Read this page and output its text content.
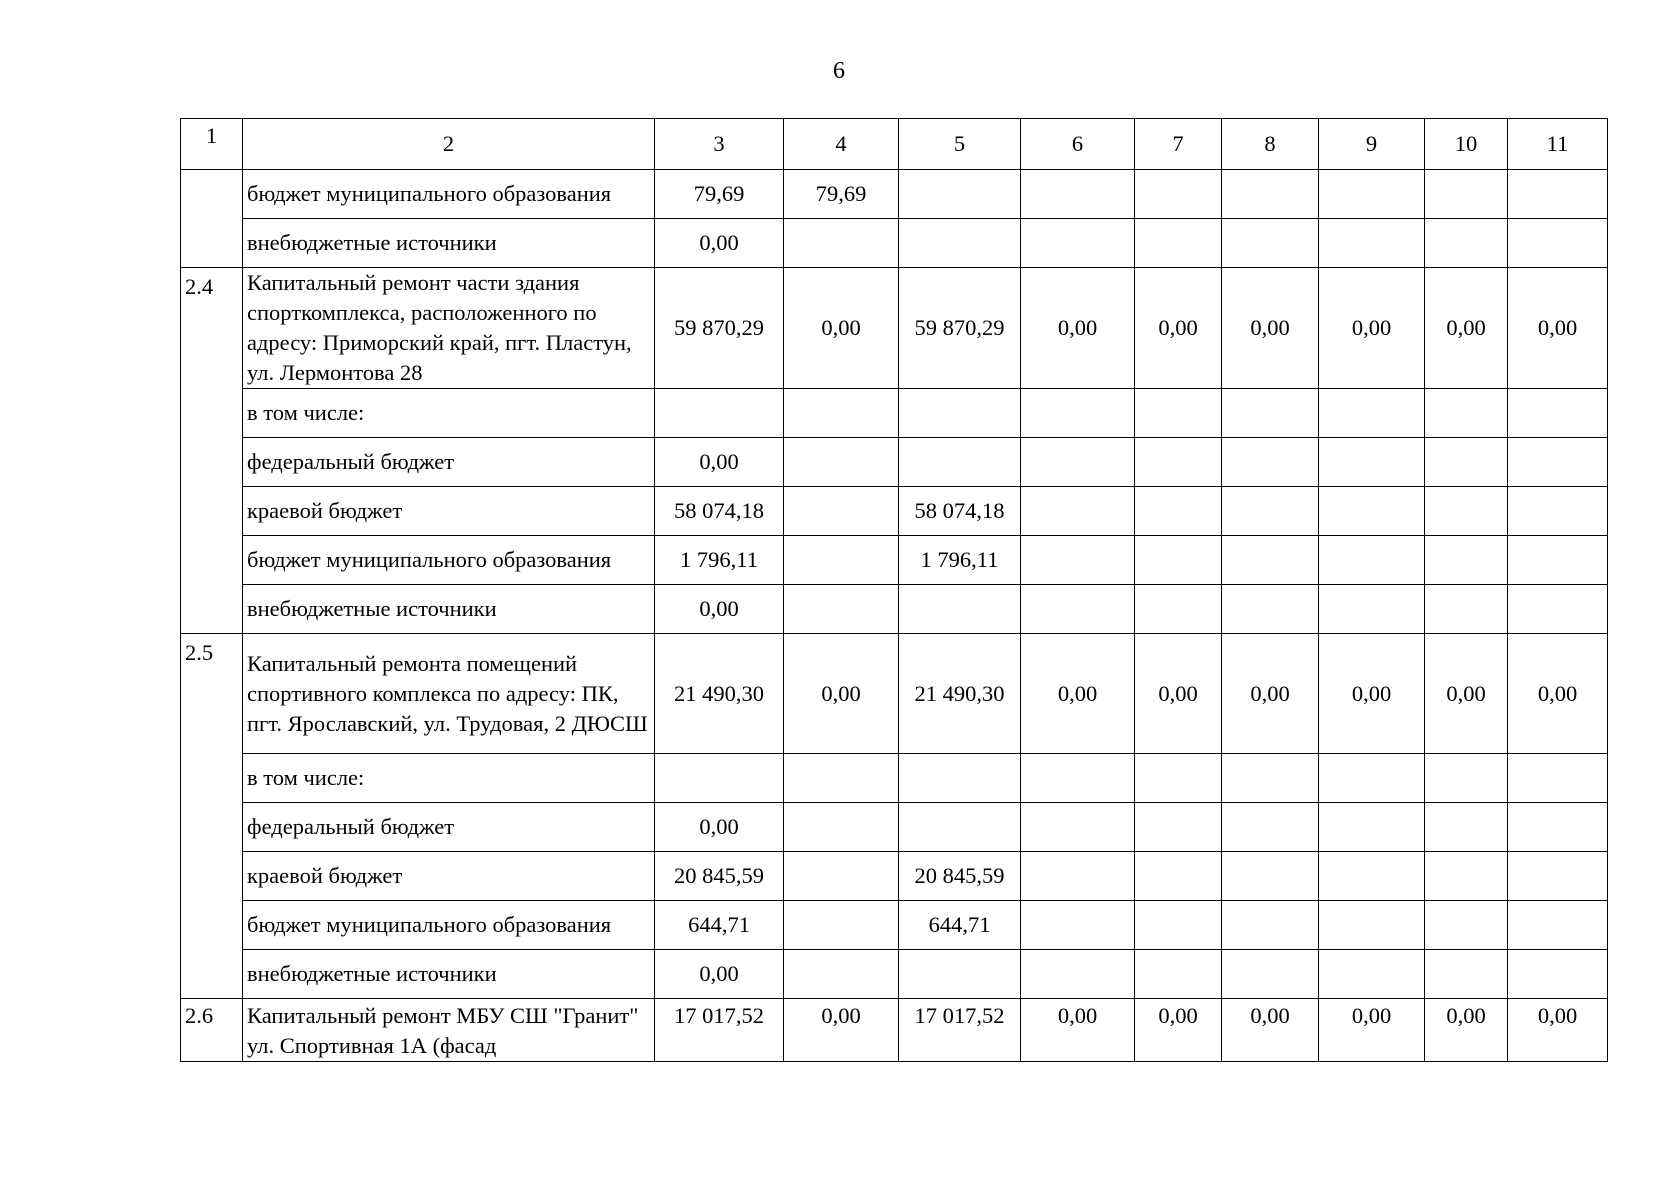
6
1	2	3	4	5	6	7	8	9	10	11
	бюджет муниципального образования	79,69	79,69							
	внебюджетные источники	0,00								
2.4	Капитальный ремонт части здания спорткомплекса, расположенного по адресу: Приморский край, пгт. Пластун, ул. Лермонтова 28	59 870,29	0,00	59 870,29	0,00	0,00	0,00	0,00	0,00	0,00
	в том числе:									
	федеральный бюджет	0,00								
	краевой бюджет	58 074,18		58 074,18						
	бюджет муниципального образования	1 796,11		1 796,11						
	внебюджетные источники	0,00								
2.5	Капитальный ремонта помещений спортивного комплекса по адресу: ПК, пгт. Ярославский, ул. Трудовая, 2 ДЮСШ	21 490,30	0,00	21 490,30	0,00	0,00	0,00	0,00	0,00	0,00
	в том числе:									
	федеральный бюджет	0,00								
	краевой бюджет	20 845,59		20 845,59						
	бюджет муниципального образования	644,71		644,71						
	внебюджетные источники	0,00								
2.6	Капитальный ремонт МБУ СШ "Гранит" ул. Спортивная 1А (фасад	17 017,52	0,00	17 017,52	0,00	0,00	0,00	0,00	0,00	0,00
